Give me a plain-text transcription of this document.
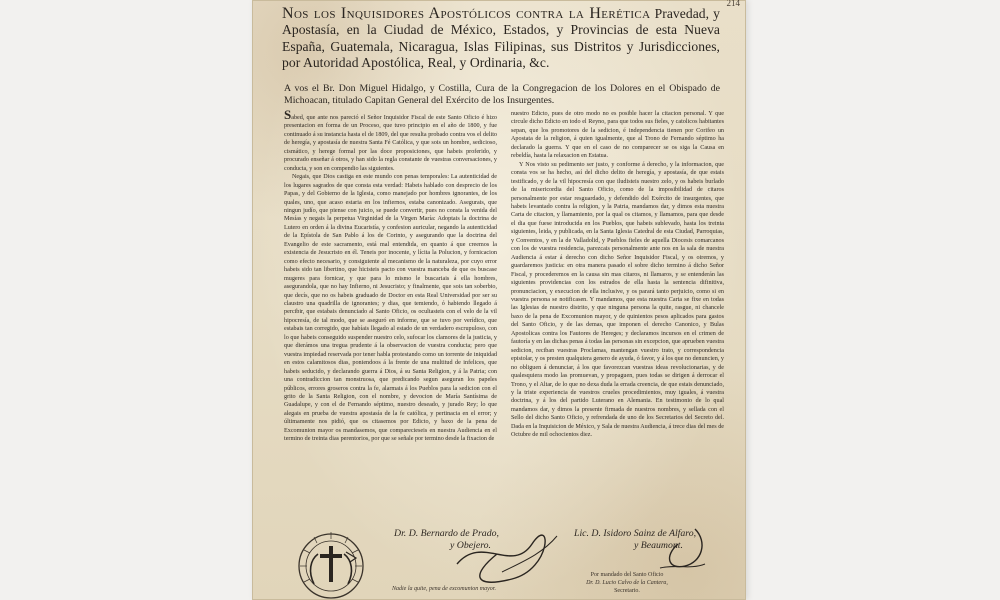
214
Nos los Inquisidores Apostólicos contra la Herética Pravedad, y Apostasía, en la Ciudad de México, Estados, y Provincias de esta Nueva España, Guatemala, Nicaragua, Islas Filipinas, sus Distritos y Jurisdicciones, por Autoridad Apostólica, Real, y Ordinaria, &c.
A vos el Br. Don Miguel Hidalgo, y Costilla, Cura de la Congregacion de los Dolores en el Obispado de Michoacan, titulado Capitan General del Exército de los Insurgentes.

Sabed, que ante nos pareció el Señor Inquisidor Fiscal de este Santo Oficio é hizo presentacion en forma de un Proceso, que tuvo principio en el año de 1800, y fue continuado á su instancia hasta el de 1809, del que resulta probado contra vos el delito de heregía, y apostasía de nuestra Santa Fé Católica, y que sois un hombre, sedicioso, cismático, y herege formal por las doce proposiciones, que habeis proferido, y procurado enseñar á otros, y han sido la regla constante de vuestras conversaciones, y conducta, y son en compendio las siguientes.

Negais, que Dios castiga en este mundo con penas temporales: La autenticidad de los lugares sagrados de que consta esta verdad: Habeis hablado con desprecio de los Papas, y del Gobierno de la Iglesia, como manejado por hombres ignorantes, de los quales, uno, que acaso estaria en los infiernos, estaba canonizado. Asegurais, que ningun judío, que piense con juicio, se puede convertir, pues no consta la venida del Mesías y negais la perpetua Virginidad de la Virgen María: Adoptais la doctrina de Lutero en orden á la divina Eucaristía, y confesion auricular, negando la autenticidad de la Epístola de San Pablo á los de Corinto, y asegurando que la doctrina del Evangelio de este sacramento, está mal entendida, en quanto á que creemos la existencia de Jesucristo en él. Teneis por inocente, y lícita la Polucion, y fornicacion como efecto necesario, y consiguiente al mecanismo de la naturaleza, por cuyo error habeis sido tan libertino, que hicisteis pacto con vuestra manceba de que os buscase mugeres para fornicar, y que para lo mismo le buscariais á ella hombres, asegurandola, que no hay Infierno, ni Jesucristo; y finalmente, que sois tan soberbio, que decís, que no os habeis graduado de Doctor en esta Real Universidad por ser su claustro una quadrilla de ignorantes; y dias, que temiendo, ó habiendo llegado á percibir, que estabais denunciado al Santo Oficio, os ocultasteis con el velo de la vil hipocresía, de tal modo, que se aseguró en informe, que se tuvo por verídico, que estabais tan corregido, que habíais llegado al estado de un verdadero escrupuloso, con lo que habeis conseguido suspender nuestro celo, sufocar los clamores de la justicia, y que dierámos una tregua prudente á la observacion de vuestra conducta; pero que vuestra impiedad reservada por tener habla protestando como un torrente de iniquidad en estos calamitosos dias, poniendoos á la frente de una multitud de infelices, que habeis seducido, y declarando guerra á Dios, á su Santa Religion, y á la Patria; con una contradiccion tan monstruosa, que predicando segun aseguran los papeles públicos, errores groseros contra la fe, alarmais á los Pueblos para la sedicion con el grito de la Santa Religion, con el nombre, y devocion de María Santísima de Guadalupe, y con el de Fernando séptimo, nuestro deseado, y jurado Rey; lo que alegais en prueba de vuestra apostasía de la fe católica, y pertinacia en el error; y últimamente nos pidió, que os citasemos por Edicto, y baxo de la pena de Excomunion mayor os mandasemos, que comparecieseis en nuestra Audiencia en el termino de treinta dias perentorios, por que se señale por termino desde la fixacion de

nuestro Edicto, pues de otro modo no es posible hacer la citacion personal. Y que circule dicho Edicto en todo el Reyno, para que todos sus fieles, y catolicos habitantes sepan, que los promotores de la sedicion, é independencia tienen por Corifeo un Apostata de la religion, á quien igualmente, que al Trono de Fernando séptimo ha declarado la guerra. Y que en el caso de no comparecer se os siga la Causa en rebeldía, hasta la relaxacion en Estatua.

Y Nos visto su pedimento ser justo, y conforme á derecho, y la informacion, que consta vos se ha hecho, así del dicho delito de heregía, y apostasía, de que estais testificado, y de la vil hipocresía con que iludisteis nuestro zelo, y os habeis burlado de la misericordia del Santo Oficio, como de la imposibilidad de citaros personalmente por estar resguardado, y defendido del Exército de insurgentes, que habeis levantado contra la religion, y la Patria, mandamos dar, y dimos esta nuestra Carta de citacion, y llamamiento, por la qual os citamos, y llamamos, para que desde el dia que fuese introducida en los Pueblos, que habeis sublevado, hasta los treinta siguientes, leida, y publicada, en la Santa Iglesia Catedral de esta Ciudad, Parroquias, y Conventos, y en la de Valladolid, y Pueblos fieles de aquella Diocesis comarcanos con los de vuestra residencia, parezcais personalmente ante nos en la sala de nuestra Audiencia á estar á derecho con dicho Señor Inquisidor Fiscal, y os oiremos, y guardaremos justicia: en otra manera pasado el sobre dicho termino á dicho Señor Fiscal, y procederemos en la causa sin mas citaros, ni llamaros, y se entenderán las siguientes providencias con los estrados de ella hasta la sentencia difinitiva, pronunciacion, y execucion de ella inclusive, y os parará tanto perjuicio, como si en vuestra persona se notificasen. Y mandamos, que esta nuestra Carta se fixe en todas las Iglesias de nuestro distrito, y que ninguna persona la quite, rasgue, ni chancele baxo de la pena de Excomunion mayor, y de quinientos pesos aplicados para gastos del Santo Oficio, y de las demas, que imponen el derecho Canonico, y Bulas Apostolicas contra los Fautores de Hereges; y declaramos incursos en el crimen de fautoría y en las dichas penas á todas las personas sin excepcion, que aprueben vuestra sedicion, reciban vuestras Proclamas, mantengan vuestro trato, y correspondencia epistolar, y os presten qualquiera genero de ayuda, ó favor, y á los que no denuncien, y no obliguen á denunciar, á los que favorezcan vuestras ideas revolucionarias, y de qualesquiera modo las promuevan, y propaguen, pues todas se dirigen á derrocar el Trono, y el Altar, de lo que no dexa duda la errada creencia, de que estais denunciado, y la triste experiencia de vuestros crueles procedimientos, muy iguales, á vuestra doctrina, y á los del partido Luterano en Alemania. En testimonio de lo qual mandamos dar, y dimos la presente firmada de nuestros nombres, y sellada con el Sello del dicho Santo Oficio, y refrendada de uno de los Secretarios del Secreto del. Dada en la Inquisicion de México, y Sala de nuestra Audiencia, á trece dias del mes de Octubre de mil ochocientos diez.

Dr. D. Bernardo de Prado,
y Obejero.
Lic. D. Isidoro Sainz de Alfaro,
y Beaumont.
Por mandado del Santo Oficio
Dr. D. Lucio Calvo de la Cantera,
Secretario.
Nadie la quite, pena de excomunion mayor.
